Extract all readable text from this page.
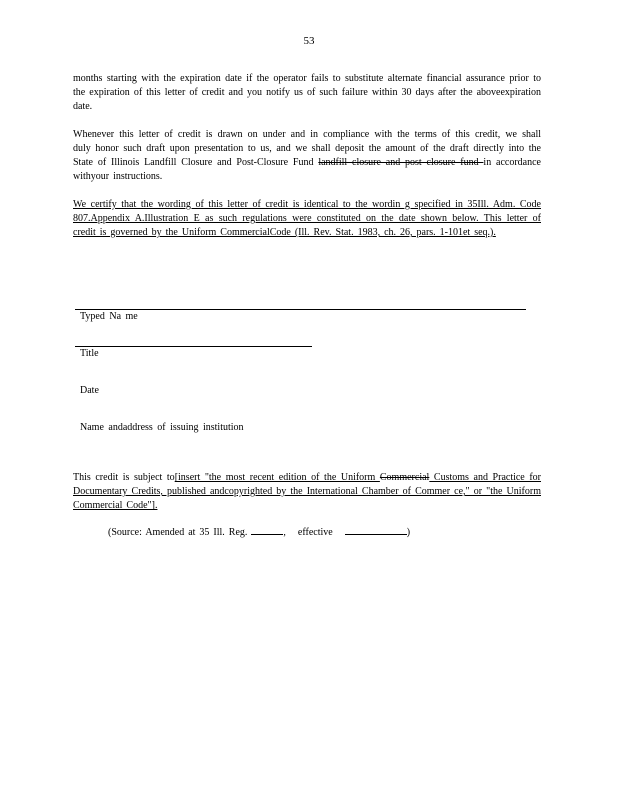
53
months starting with the expiration date if the operator fails to substitute alternate financial assurance prior to the expiration of this letter of credit and you notify us of such failure within 30 days after the aboveexpiration date.
Whenever this letter of credit is drawn on under and in compliance with the terms of this credit, we shall duly honor such draft upon presentation to us, and we shall deposit the amount of the draft directly into the State of Illinois Landfill Closure and Post-Closure Fund landfill closure and post closure fund in accordance withyour instructions.
We certify that the wording of this letter of credit is identical to the wordin g specified in 35Ill. Adm. Code 807.Appendix A.Illustration E as such regulations were constituted on the date shown below. This letter of credit is governed by the Uniform CommercialCode (Ill. Rev. Stat. 1983, ch. 26, pars. 1-101et seq.).
Typed Na me
Title
Date
Name andaddress of issuing institution
This credit is subject to[insert "the most recent edition of the Uniform Commercial Customs and Practice for Documentary Credits, published andcopyrighted by the International Chamber of Commer ce," or "the Uniform Commercial Code"].
(Source: Amended at 35 Ill. Reg.	, effective	)
